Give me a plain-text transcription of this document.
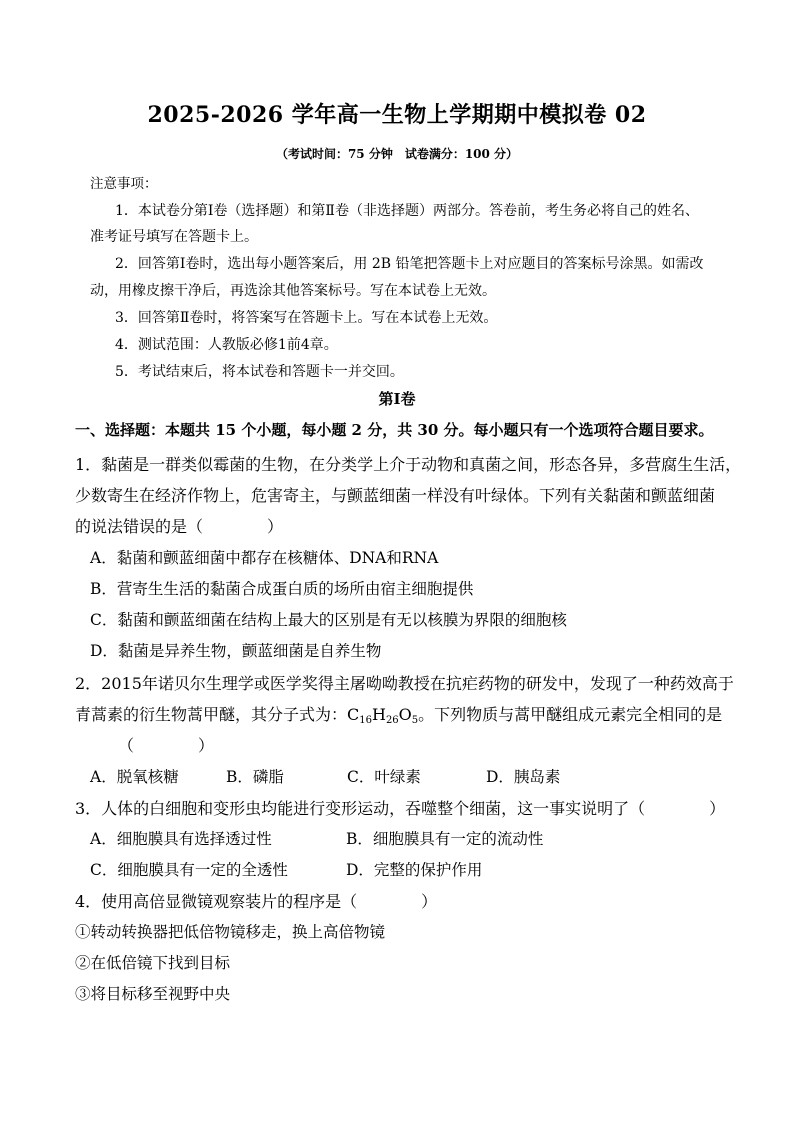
2025-2026 学年高一生物上学期期中模拟卷 02
（考试时间：75 分钟　试卷满分：100 分）
注意事项：
1．本试卷分第Ⅰ卷（选择题）和第Ⅱ卷（非选择题）两部分。答卷前，考生务必将自己的姓名、
准考证号填写在答题卡上。
2．回答第Ⅰ卷时，选出每小题答案后，用 2B 铅笔把答题卡上对应题目的答案标号涂黑。如需改
动，用橡皮擦干净后，再选涂其他答案标号。写在本试卷上无效。
3．回答第Ⅱ卷时，将答案写在答题卡上。写在本试卷上无效。
4．测试范围：人教版必修1前4章。
5．考试结束后，将本试卷和答题卡一并交回。
第Ⅰ卷
一、选择题：本题共 15 个小题，每小题 2 分，共 30 分。每小题只有一个选项符合题目要求。
1．黏菌是一群类似霉菌的生物，在分类学上介于动物和真菌之间，形态各异，多营腐生生活，
少数寄生在经济作物上，危害寄主，与颤蓝细菌一样没有叶绿体。下列有关黏菌和颤蓝细菌
的说法错误的是（　　　　）
A．黏菌和颤蓝细菌中都存在核糖体、DNA和RNA
B．营寄生生活的黏菌合成蛋白质的场所由宿主细胞提供
C．黏菌和颤蓝细菌在结构上最大的区别是有无以核膜为界限的细胞核
D．黏菌是异养生物，颤蓝细菌是自养生物
2．2015年诺贝尔生理学或医学奖得主屠呦呦教授在抗疟药物的研发中，发现了一种药效高于
青蒿素的衍生物蒿甲醚，其分子式为：$C_{16}H_{26}O_5$。下列物质与蒿甲醚组成元素完全相同的是
（　　　　）
A．脱氧核糖	B．磷脂	C．叶绿素	D．胰岛素
3．人体的白细胞和变形虫均能进行变形运动，吞噬整个细菌，这一事实说明了（　　　　）
A．细胞膜具有选择透过性	B．细胞膜具有一定的流动性
C．细胞膜具有一定的全透性	D．完整的保护作用
4．使用高倍显微镜观察装片的程序是（　　　　）
①转动转换器把低倍物镜移走，换上高倍物镜
②在低倍镜下找到目标
③将目标移至视野中央
